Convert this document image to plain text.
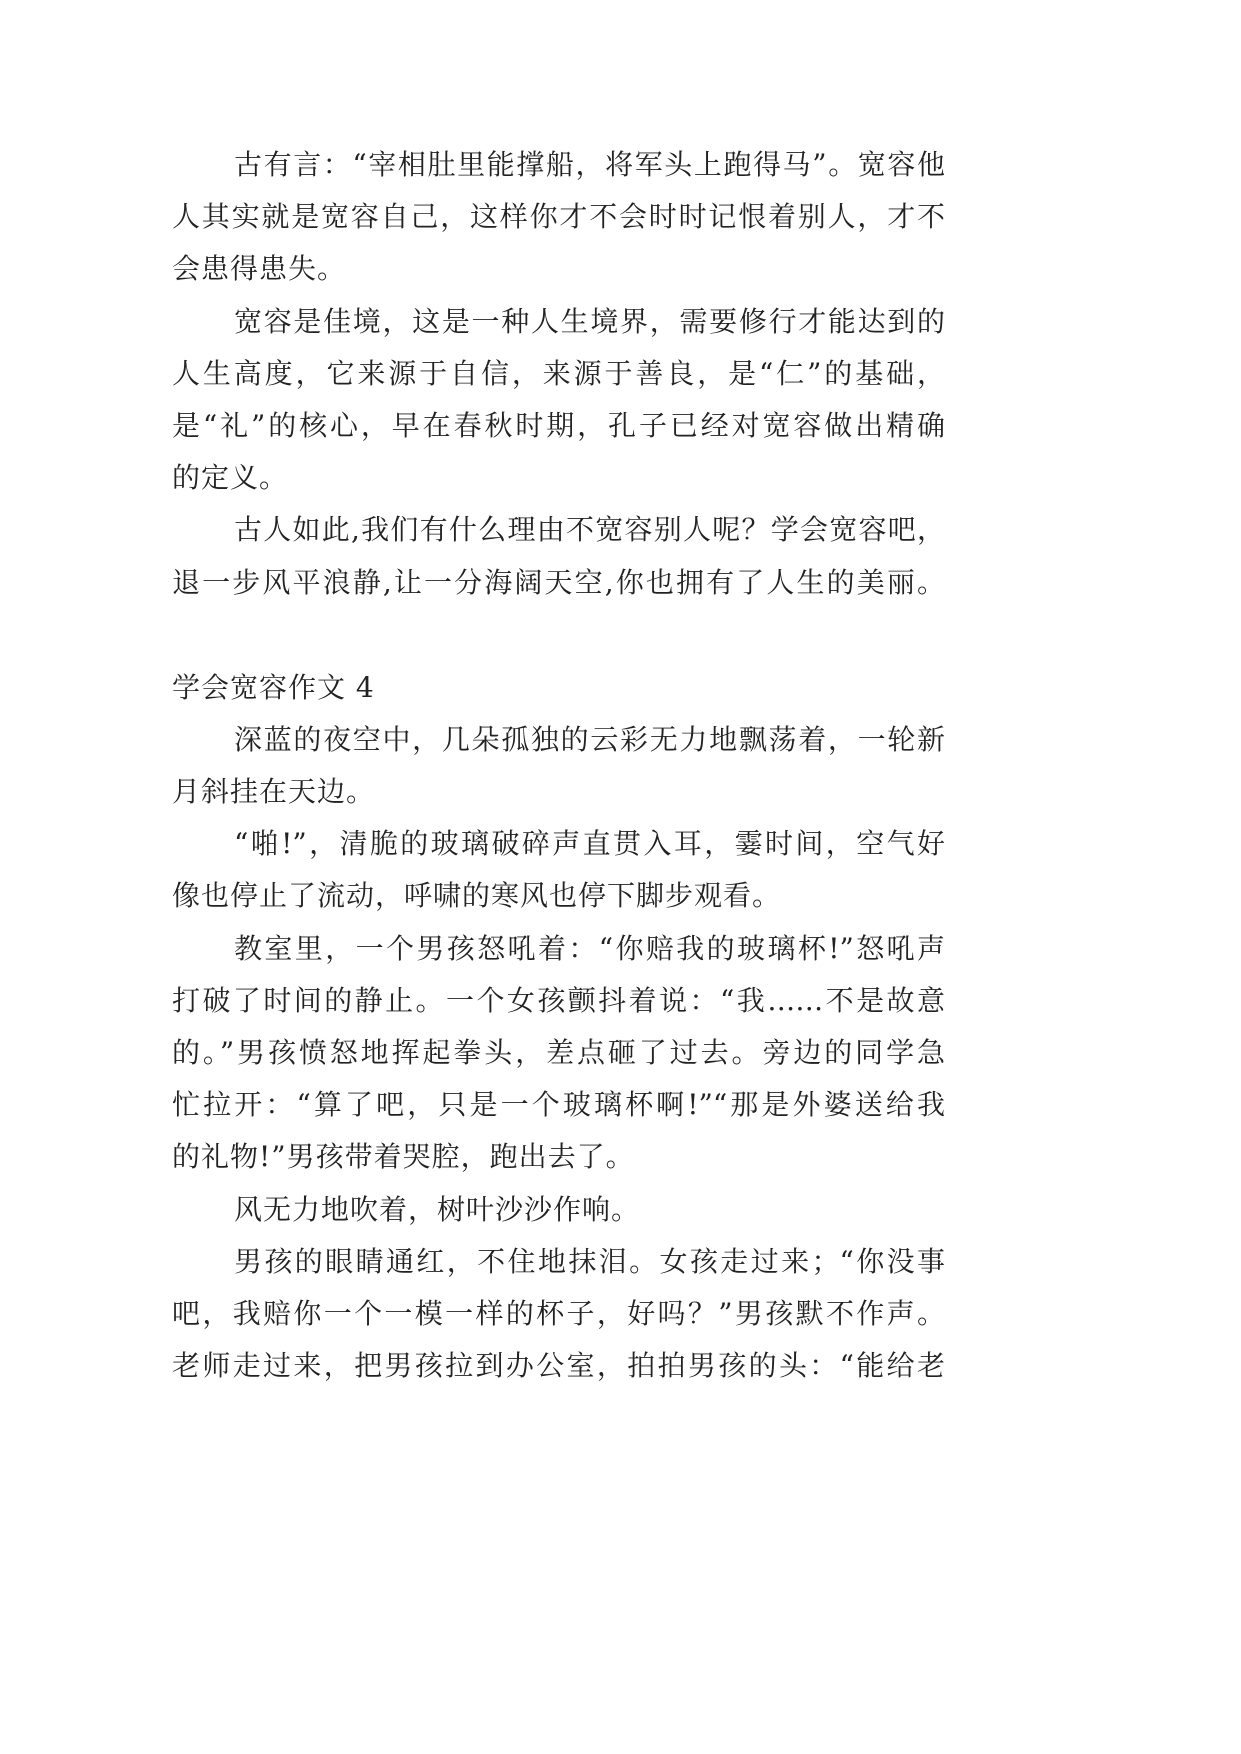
古有言：“宰相肚里能撑船，将军头上跑得马”。宽容他
人其实就是宽容自己，这样你才不会时时记恨着别人，才不
会患得患失。
宽容是佳境，这是一种人生境界，需要修行才能达到的
人生高度，它来源于自信，来源于善良，是“仁”的基础，
是“礼”的核心，早在春秋时期，孔子已经对宽容做出精确
的定义。
古人如此,我们有什么理由不宽容别人呢？学会宽容吧，
退一步风平浪静,让一分海阔天空,你也拥有了人生的美丽。
学会宽容作文 4
深蓝的夜空中，几朵孤独的云彩无力地飘荡着，一轮新
月斜挂在天边。
“啪!”，清脆的玻璃破碎声直贯入耳，霎时间，空气好
像也停止了流动，呼啸的寒风也停下脚步观看。
教室里，一个男孩怒吼着：“你赔我的玻璃杯!”怒吼声
打破了时间的静止。一个女孩颤抖着说：“我……不是故意
的。”男孩愤怒地挥起拳头，差点砸了过去。旁边的同学急
忙拉开：“算了吧，只是一个玻璃杯啊!”“那是外婆送给我
的礼物!”男孩带着哭腔，跑出去了。
风无力地吹着，树叶沙沙作响。
男孩的眼睛通红，不住地抹泪。女孩走过来；“你没事
吧，我赔你一个一模一样的杯子，好吗？”男孩默不作声。
老师走过来，把男孩拉到办公室，拍拍男孩的头：“能给老
